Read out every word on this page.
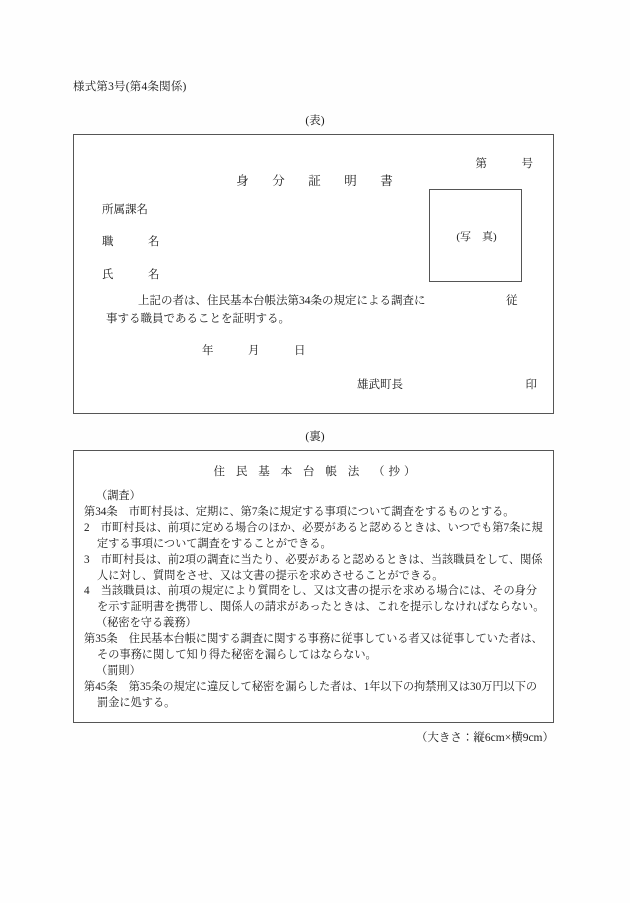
様式第3号(第4条関係)
(表)
第　　　号
身　分　証　明　書
所属課名
職　　　名
氏　　　名
(写　真)
上記の者は、住民基本台帳法第34条の規定による調査に　　　　　　　従
事する職員であることを証明する。
年　　　月　　　日
雄武町長	印
(裏)
住 民 基 本 台 帳 法　（抄）
（調査）
第34条　市町村長は、定期に、第7条に規定する事項について調査をするものとする。
2　市町村長は、前項に定める場合のほか、必要があると認めるときは、いつでも第7条に規定する事項について調査をすることができる。
3　市町村長は、前2項の調査に当たり、必要があると認めるときは、当該職員をして、関係人に対し、質問をさせ、又は文書の提示を求めさせることができる。
4　当該職員は、前項の規定により質問をし、又は文書の提示を求める場合には、その身分を示す証明書を携帯し、関係人の請求があったときは、これを提示しなければならない。
（秘密を守る義務）
第35条　住民基本台帳に関する調査に関する事務に従事している者又は従事していた者は、その事務に関して知り得た秘密を漏らしてはならない。
（罰則）
第45条　第35条の規定に違反して秘密を漏らした者は、1年以下の拘禁刑又は30万円以下の罰金に処する。
（大きさ：縦6cm×横9cm）
